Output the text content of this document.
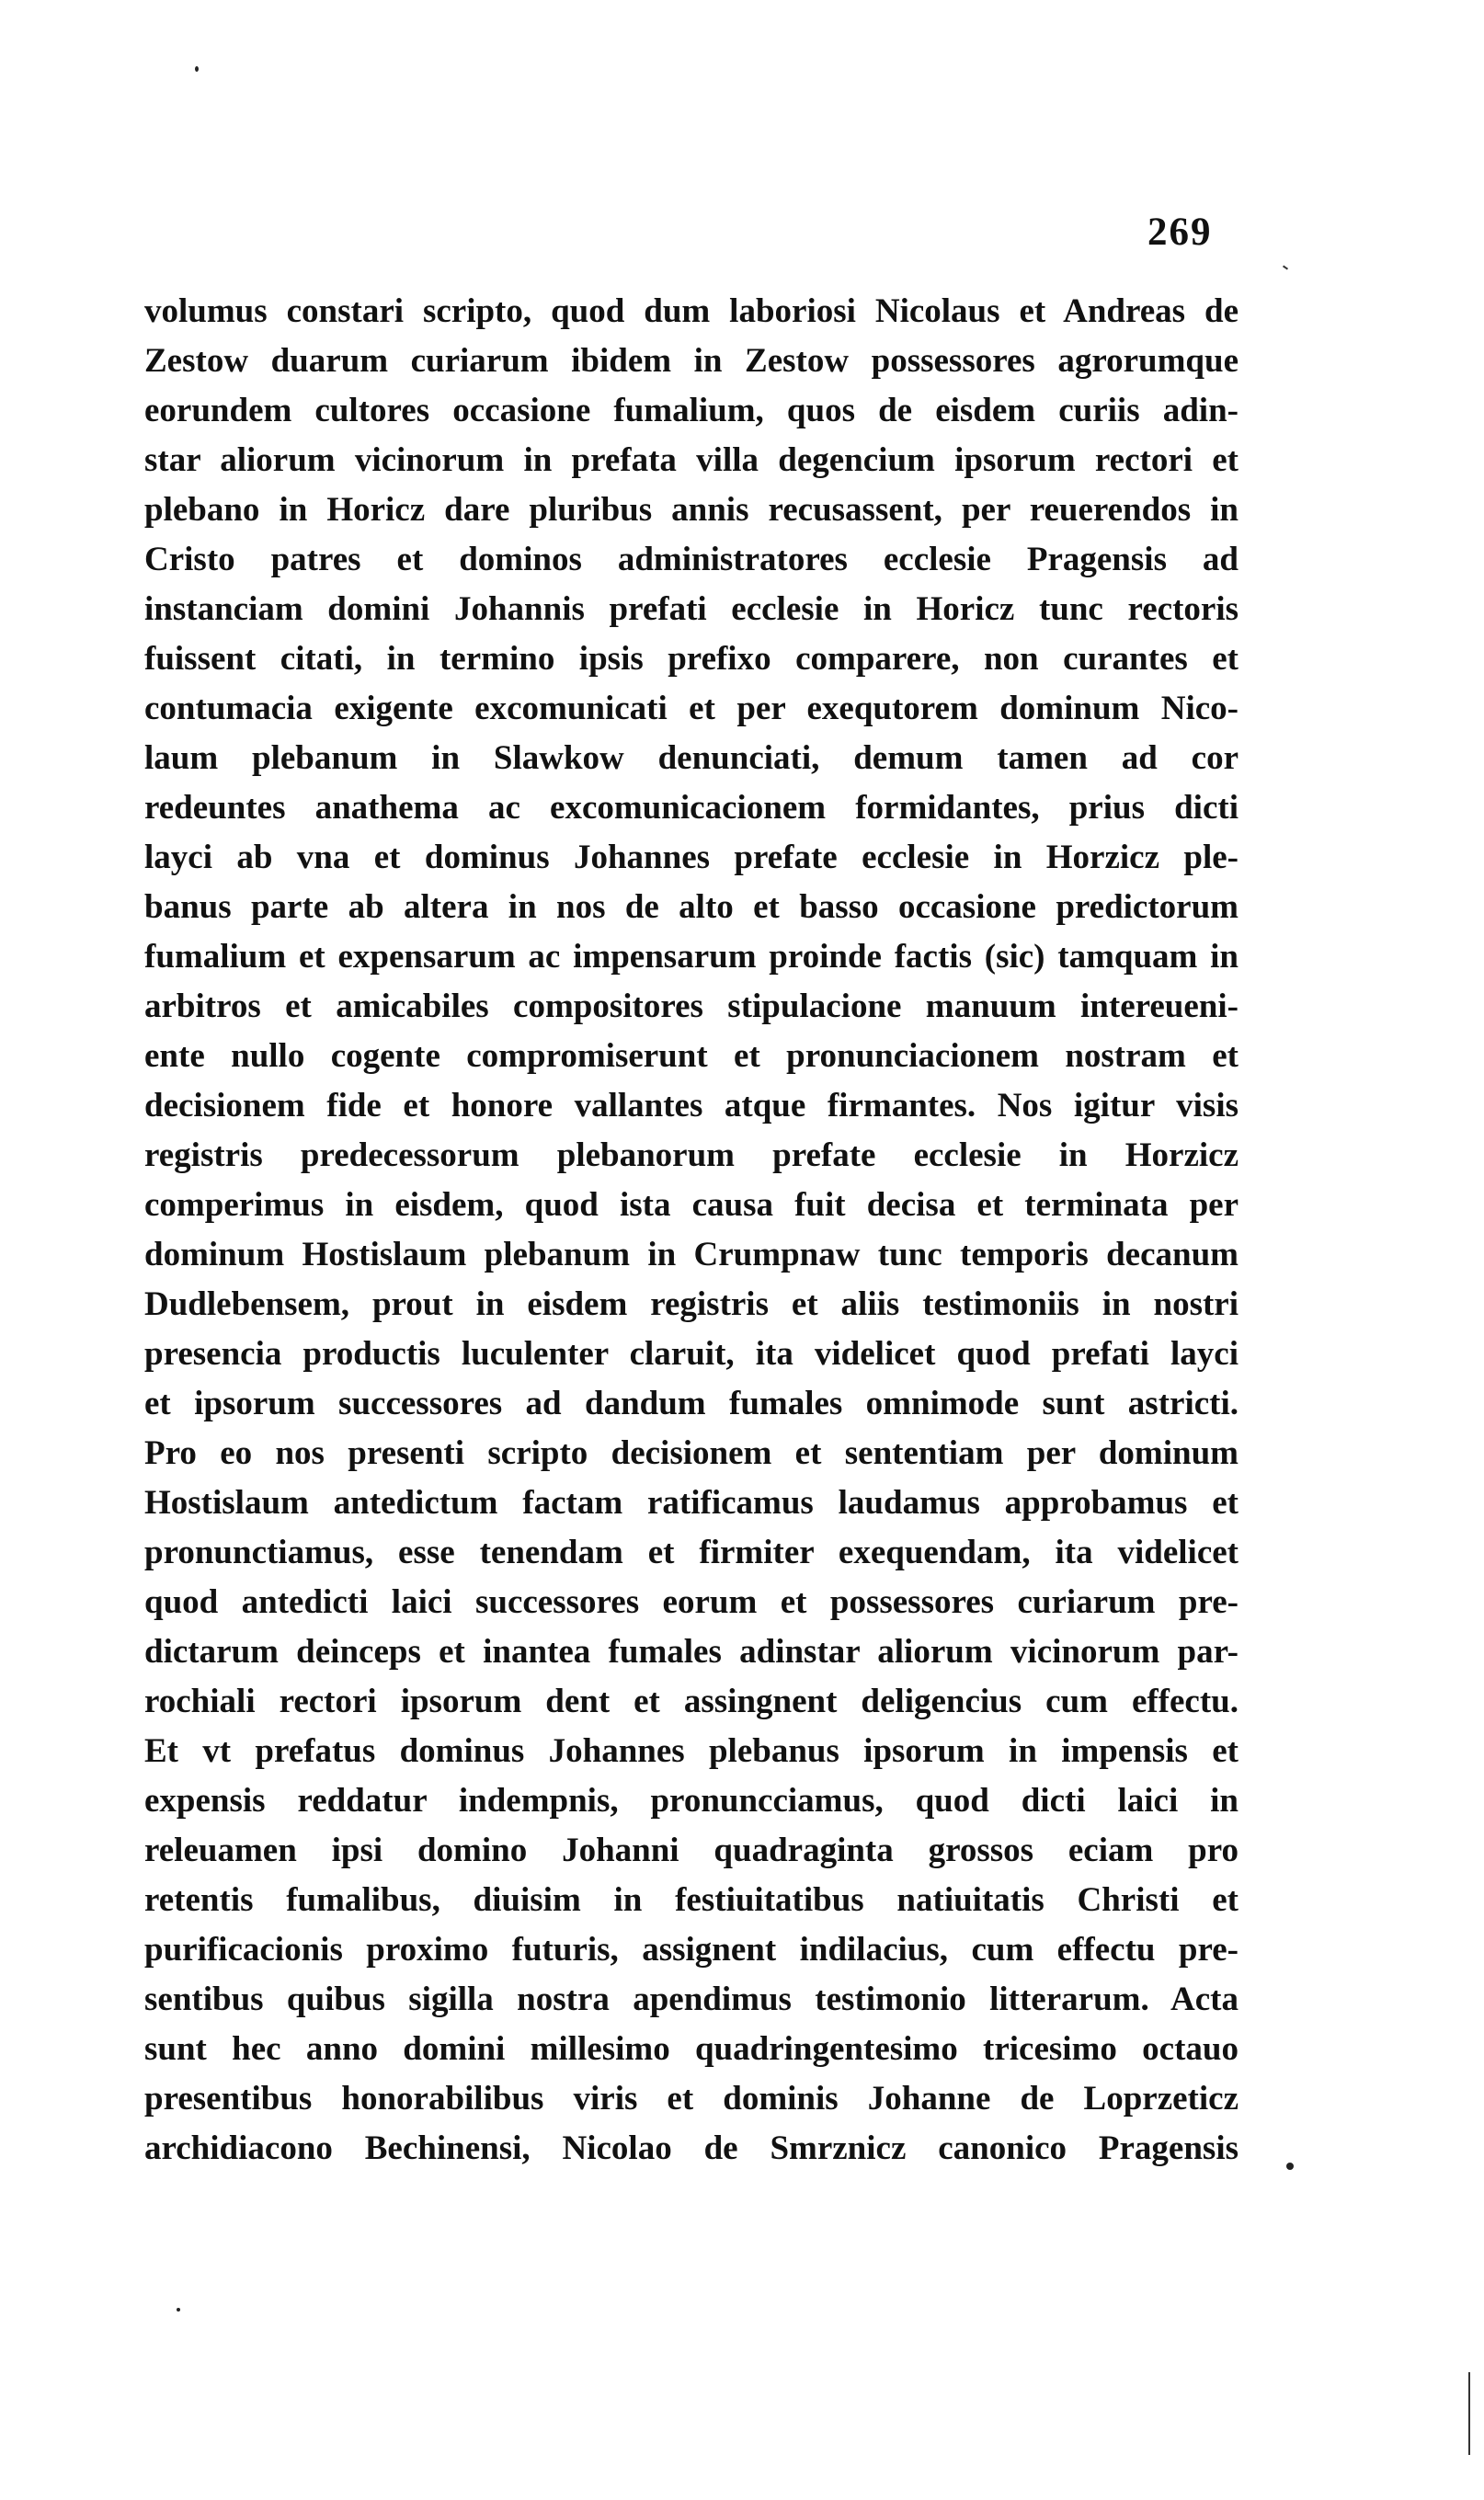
269
volumus constari scripto, quod dum laboriosi Nicolaus et Andreas de
Zestow duarum curiarum ibidem in Zestow possessores agrorumque
eorundem cultores occasione fumalium, quos de eisdem curiis adin-
star aliorum vicinorum in prefata villa degencium ipsorum rectori et
plebano in Horicz dare pluribus annis recusassent, per reuerendos in
Cristo patres et dominos administratores ecclesie Pragensis ad
instanciam domini Johannis prefati ecclesie in Horicz tunc rectoris
fuissent citati, in termino ipsis prefixo comparere, non curantes et
contumacia exigente excomunicati et per exequtorem dominum Nico-
laum plebanum in Slawkow denunciati, demum tamen ad cor
redeuntes anathema ac excomunicacionem formidantes, prius dicti
layci ab vna et dominus Johannes prefate ecclesie in Horzicz ple-
banus parte ab altera in nos de alto et basso occasione predictorum
fumalium et expensarum ac impensarum proinde factis (sic) tamquam in
arbitros et amicabiles compositores stipulacione manuum intereueni-
ente nullo cogente compromiserunt et pronunciacionem nostram et
decisionem fide et honore vallantes atque firmantes. Nos igitur visis
registris predecessorum plebanorum prefate ecclesie in Horzicz
comperimus in eisdem, quod ista causa fuit decisa et terminata per
dominum Hostislaum plebanum in Crumpnaw tunc temporis decanum
Dudlebensem, prout in eisdem registris et aliis testimoniis in nostri
presencia productis luculenter claruit, ita videlicet quod prefati layci
et ipsorum successores ad dandum fumales omnimode sunt astricti.
Pro eo nos presenti scripto decisionem et sententiam per dominum
Hostislaum antedictum factam ratificamus laudamus approbamus et
pronunctiamus, esse tenendam et firmiter exequendam, ita videlicet
quod antedicti laici successores eorum et possessores curiarum pre-
dictarum deinceps et inantea fumales adinstar aliorum vicinorum par-
rochiali rectori ipsorum dent et assingnent deligencius cum effectu.
Et vt prefatus dominus Johannes plebanus ipsorum in impensis et
expensis reddatur indempnis, pronuncciamus, quod dicti laici in
releuamen ipsi domino Johanni quadraginta grossos eciam pro
retentis fumalibus, diuisim in festiuitatibus natiuitatis Christi et
purificacionis proximo futuris, assignent indilacius, cum effectu pre-
sentibus quibus sigilla nostra apendimus testimonio litterarum. Acta
sunt hec anno domini millesimo quadringentesimo tricesimo octauo
presentibus honorabilibus viris et dominis Johanne de Loprzeticz
archidiacono Bechinensi, Nicolao de Smrznicz canonico Pragensis
